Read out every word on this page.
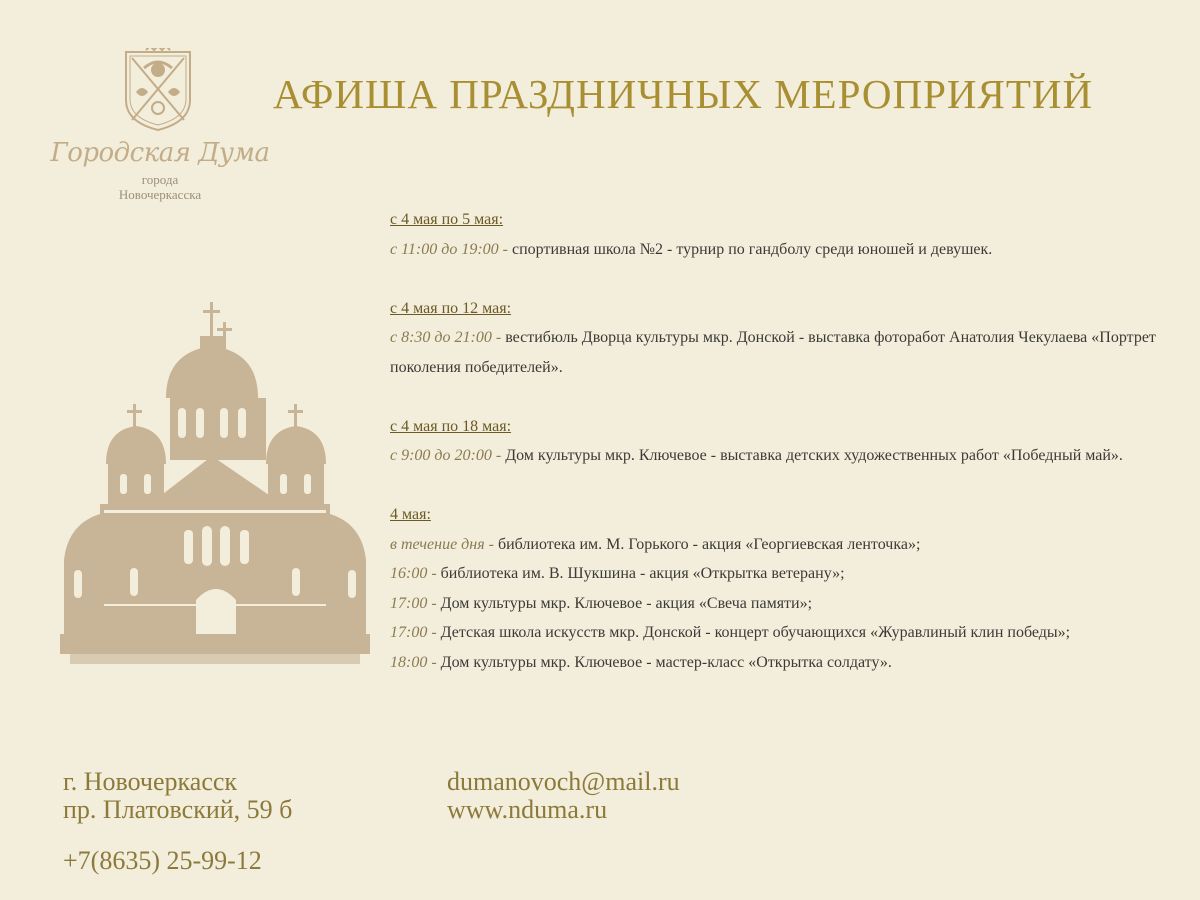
Городская Дума
города
Новочеркасска
АФИША ПРАЗДНИЧНЫХ МЕРОПРИЯТИЙ
с 4 мая по 5 мая:
с 11:00 до 19:00 - спортивная школа №2 - турнир по гандболу среди юношей и девушек.
с 4 мая по 12 мая:
с 8:30 до 21:00 - вестибюль Дворца культуры мкр. Донской - выставка фоторабот Анатолия Чекулаева «Портрет поколения победителей».
с 4 мая по 18 мая:
с 9:00 до 20:00 - Дом культуры мкр. Ключевое - выставка детских художественных работ «Победный май».
4 мая:
в течение дня - библиотека им. М. Горького - акция «Георгиевская ленточка»;
16:00 - библиотека им. В. Шукшина - акция «Открытка ветерану»;
17:00 - Дом культуры мкр. Ключевое - акция «Свеча памяти»;
17:00 - Детская школа искусств мкр. Донской - концерт обучающихся «Журавлиный клин победы»;
18:00 - Дом культуры мкр. Ключевое - мастер-класс «Открытка солдату».
г. Новочеркасск
пр. Платовский, 59 б
dumanovoch@mail.ru
www.nduma.ru
+7(8635) 25-99-12
